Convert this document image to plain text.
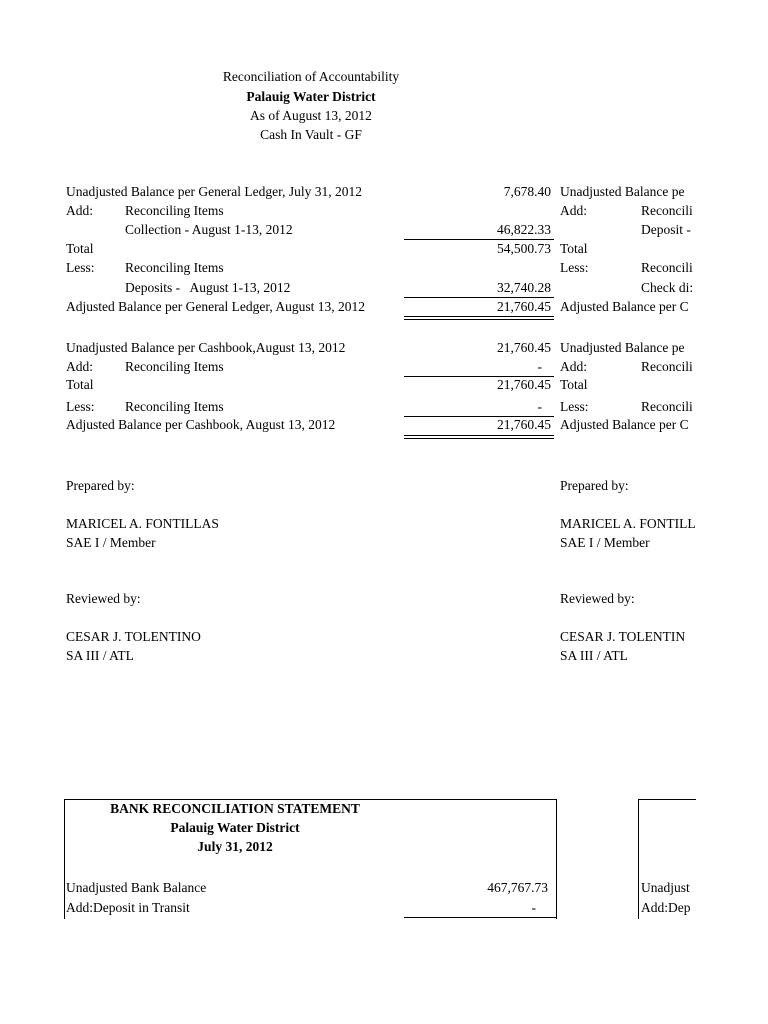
Reconciliation of Accountability
Palauig Water District
As of August 13, 2012
Cash In Vault - GF
Unadjusted Balance per General Ledger, July 31, 2012	7,678.40
Add: Reconciling Items
Collection - August 1-13, 2012	46,822.33
Total	54,500.73
Less: Reconciling Items
Deposits -   August 1-13, 2012	32,740.28
Adjusted Balance per General Ledger, August 13, 2012	21,760.45
Unadjusted Balance per Cashbook,August 13, 2012	21,760.45
Add: Reconciling Items	-
Total	21,760.45
Less: Reconciling Items	-
Adjusted Balance per Cashbook, August 13, 2012	21,760.45
Unadjusted Balance pe
Add:	Reconcili
Deposit -
Total
Less:	Reconcili
Check di:
Adjusted Balance per C
Unadjusted Balance pe
Add:	Reconcili
Total
Less:	Reconcili
Adjusted Balance per C
Prepared by:
MARICEL A. FONTILLAS
SAE I / Member
Reviewed by:
CESAR J. TOLENTINO
SA III / ATL
Prepared by:
MARICEL A. FONTILL
SAE I / Member
Reviewed by:
CESAR J. TOLENTIN
SA III / ATL
BANK RECONCILIATION STATEMENT
Palauig Water District
July 31, 2012
Unadjusted Bank Balance	467,767.73
Add:Deposit in Transit	-
Unadjust
Add:Dep
